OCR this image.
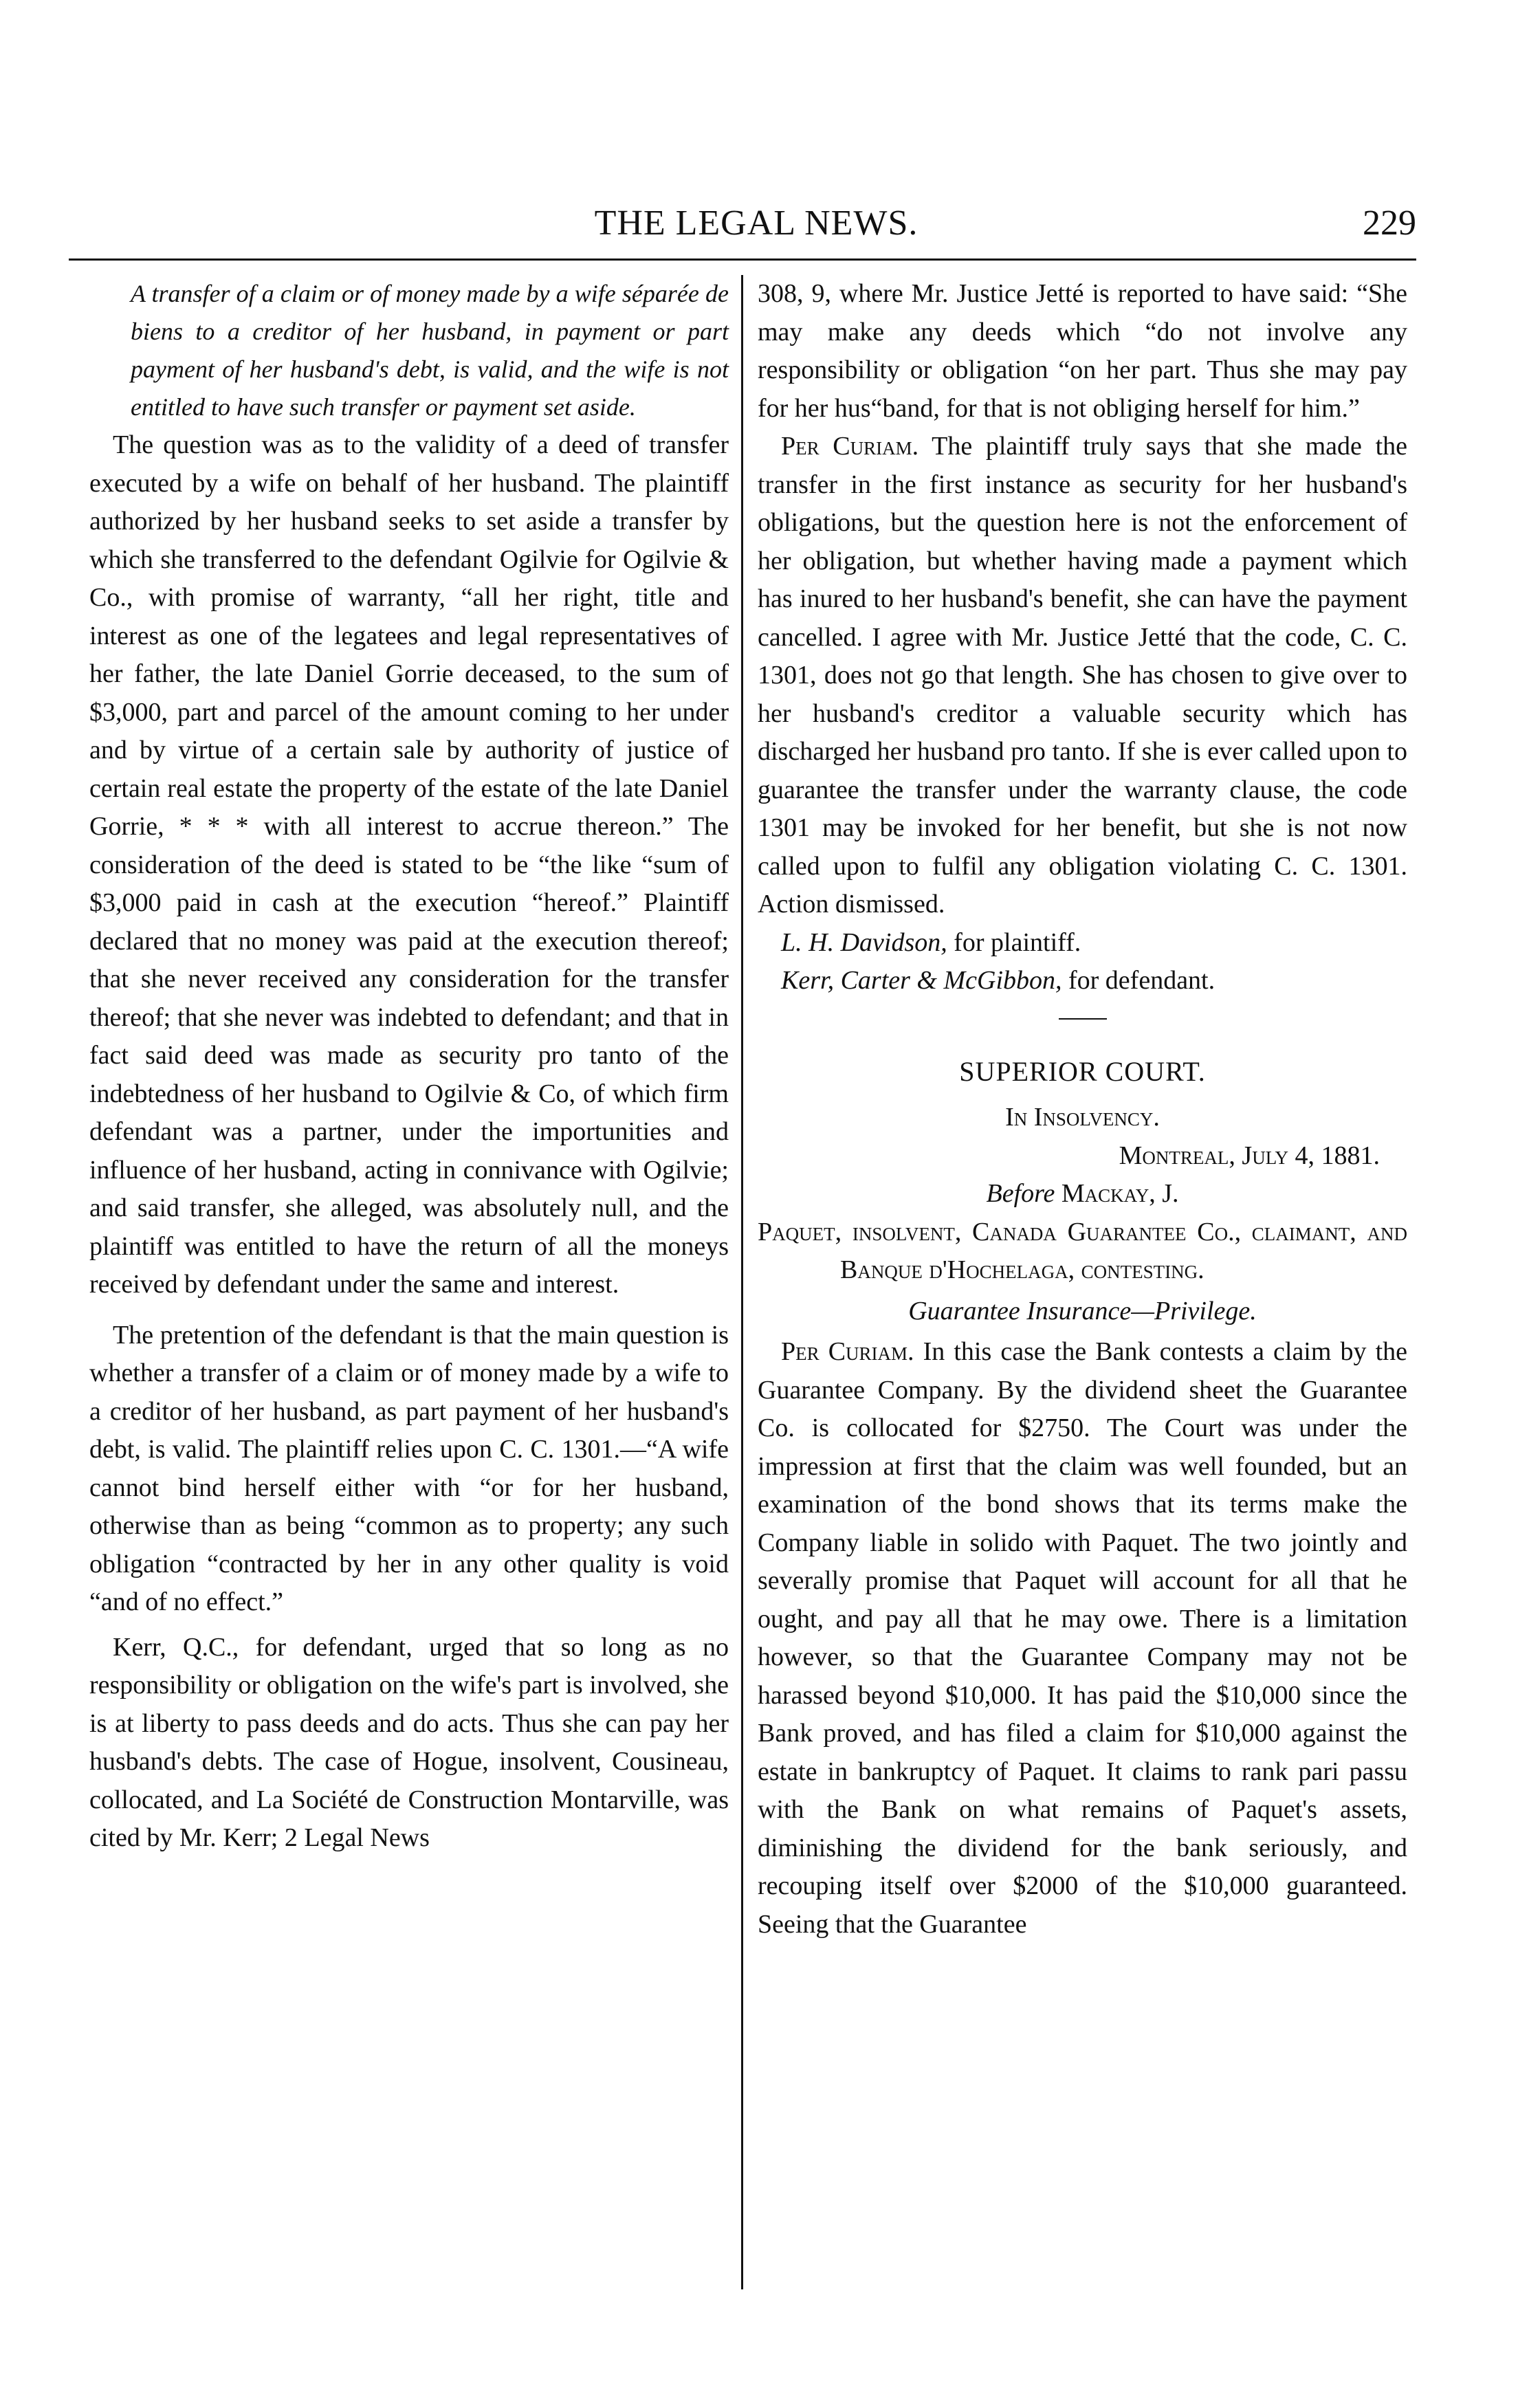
THE LEGAL NEWS.	229

A transfer of a claim or of money made by a wife séparée de biens to a creditor of her husband, in payment or part payment of her husband's debt, is valid, and the wife is not entitled to have such transfer or payment set aside.

The question was as to the validity of a deed of transfer executed by a wife on behalf of her husband. The plaintiff authorized by her husband seeks to set aside a transfer by which she transferred to the defendant Ogilvie for Ogilvie & Co., with promise of warranty, “all her right, title and interest as one of the legatees and legal representatives of her father, the late Daniel Gorrie deceased, to the sum of $3,000, part and parcel of the amount coming to her under and by virtue of a certain sale by authority of justice of certain real estate the property of the estate of the late Daniel Gorrie, * * * with all interest to accrue thereon.” The consideration of the deed is stated to be “the like “sum of $3,000 paid in cash at the execution “hereof.” Plaintiff declared that no money was paid at the execution thereof; that she never received any consideration for the transfer thereof; that she never was indebted to defendant; and that in fact said deed was made as security pro tanto of the indebtedness of her husband to Ogilvie & Co, of which firm defendant was a partner, under the importunities and influence of her husband, acting in connivance with Ogilvie; and said transfer, she alleged, was absolutely null, and the plaintiff was entitled to have the return of all the moneys received by defendant under the same and interest.

The pretention of the defendant is that the main question is whether a transfer of a claim or of money made by a wife to a creditor of her husband, as part payment of her husband's debt, is valid. The plaintiff relies upon C. C. 1301.—“A wife cannot bind herself either with “or for her husband, otherwise than as being “common as to property; any such obligation “contracted by her in any other quality is void “and of no effect.”

Kerr, Q.C., for defendant, urged that so long as no responsibility or obligation on the wife's part is involved, she is at liberty to pass deeds and do acts. Thus she can pay her husband's debts. The case of Hogue, insolvent, Cousineau, collocated, and La Société de Construction Montarville, was cited by Mr. Kerr; 2 Legal News

308, 9, where Mr. Justice Jetté is reported to have said: “She may make any deeds which “do not involve any responsibility or obligation “on her part. Thus she may pay for her hus“band, for that is not obliging herself for him.”

Per Curiam. The plaintiff truly says that she made the transfer in the first instance as security for her husband's obligations, but the question here is not the enforcement of her obligation, but whether having made a payment which has inured to her husband's benefit, she can have the payment cancelled. I agree with Mr. Justice Jetté that the code, C. C. 1301, does not go that length. She has chosen to give over to her husband's creditor a valuable security which has discharged her husband pro tanto. If she is ever called upon to guarantee the transfer under the warranty clause, the code 1301 may be invoked for her benefit, but she is not now called upon to fulfil any obligation violating C. C. 1301. Action dismissed.

L. H. Davidson, for plaintiff.

Kerr, Carter & McGibbon, for defendant.

SUPERIOR COURT.

In Insolvency.

Montreal, July 4, 1881.

Before Mackay, J.

Paquet, insolvent, Canada Guarantee Co., claimant, and Banque d'Hochelaga, contesting.

Guarantee Insurance—Privilege.

Per Curiam. In this case the Bank contests a claim by the Guarantee Company. By the dividend sheet the Guarantee Co. is collocated for $2750. The Court was under the impression at first that the claim was well founded, but an examination of the bond shows that its terms make the Company liable in solido with Paquet. The two jointly and severally promise that Paquet will account for all that he ought, and pay all that he may owe. There is a limitation however, so that the Guarantee Company may not be harassed beyond $10,000. It has paid the $10,000 since the Bank proved, and has filed a claim for $10,000 against the estate in bankruptcy of Paquet. It claims to rank pari passu with the Bank on what remains of Paquet's assets, diminishing the dividend for the bank seriously, and recouping itself over $2000 of the $10,000 guaranteed. Seeing that the Guarantee
